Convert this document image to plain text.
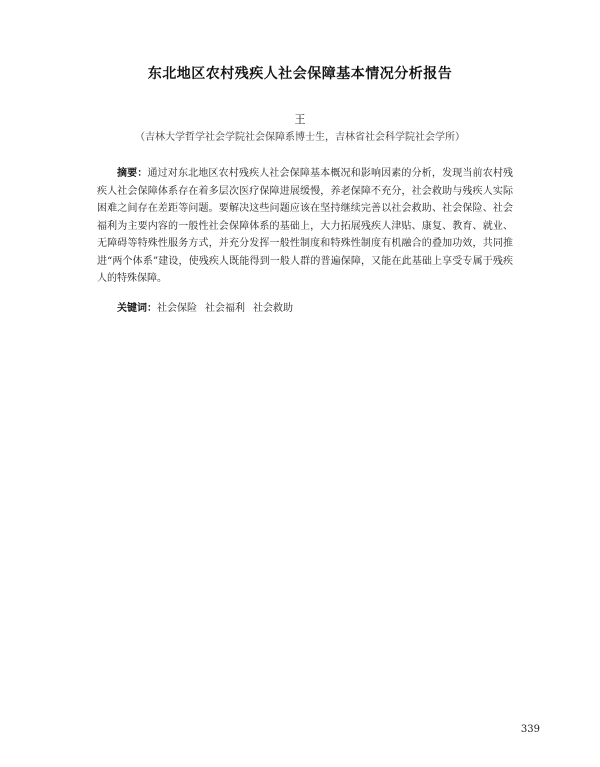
东北地区农村残疾人社会保障基本情况分析报告
王
（吉林大学哲学社会学院社会保障系博士生，吉林省社会科学院社会学所）

摘要：通过对东北地区农村残疾人社会保障基本概况和影响因素的分析，发现当前农村残疾人社会保障体系存在着多层次医疗保障进展缓慢，养老保障不充分，社会救助与残疾人实际困难之间存在差距等问题。要解决这些问题应该在坚持继续完善以社会救助、社会保险、社会福利为主要内容的一般性社会保障体系的基础上，大力拓展残疾人津贴、康复、教育、就业、无障碍等特殊性服务方式，并充分发挥一般性制度和特殊性制度有机融合的叠加功效，共同推进“两个体系”建设，使残疾人既能得到一般人群的普遍保障，又能在此基础上享受专属于残疾人的特殊保障。

关键词：社会保险 社会福利 社会救助

339
